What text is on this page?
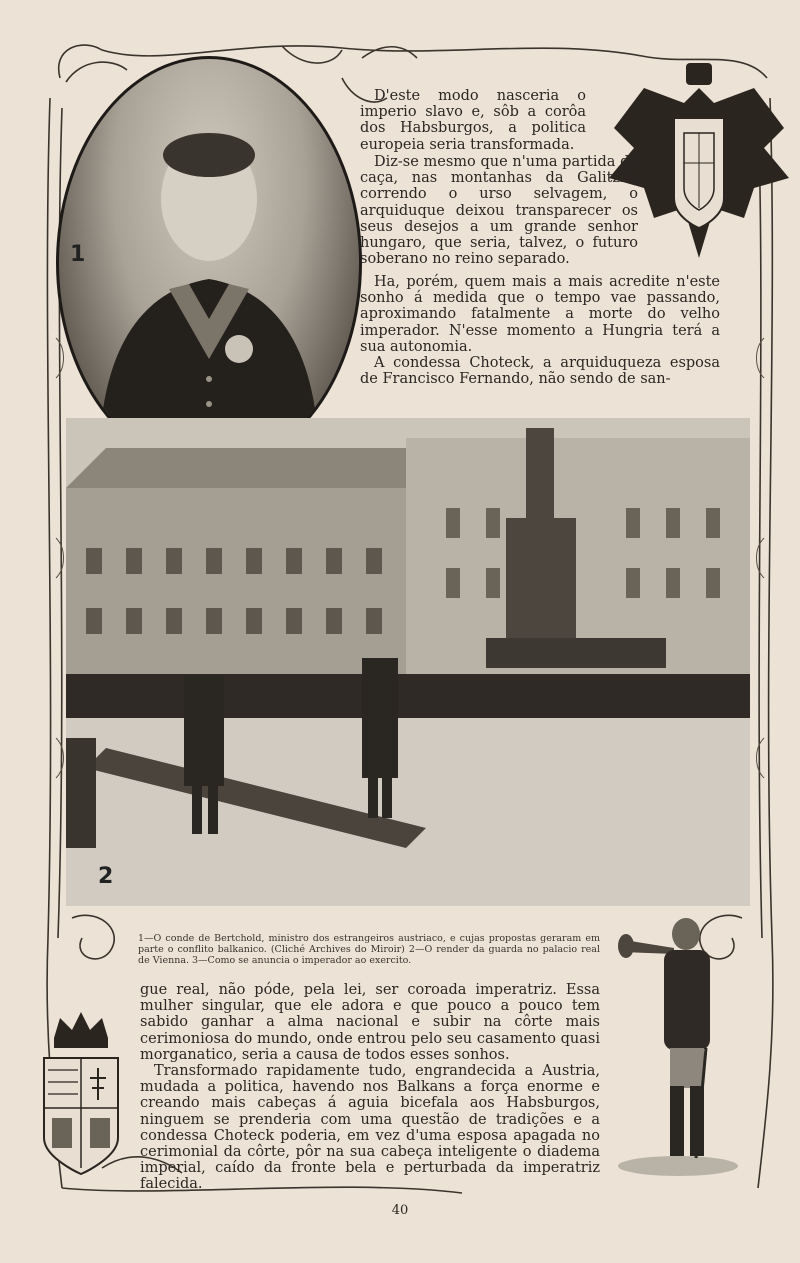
1

D'este modo nasceria o imperio slavo e, sôb a corôa dos Habsburgos, a politica europeia seria transformada.

Diz-se mesmo que n'uma partida de caça, nas montanhas da Galitzia, correndo o urso selvagem, o arquiduque deixou transparecer os seus desejos a um grande senhor hungaro, que seria, talvez, o futuro soberano no reino separado.

Ha, porém, quem mais a mais acredite n'este sonho á medida que o tempo vae passando, aproximando fatalmente a morte do velho imperador. N'esse momento a Hungria terá a sua autonomia.

A condessa Choteck, a arquiduqueza esposa de Francisco Fernando, não sendo de san-

2
1—O conde de Bertchold, ministro dos estrangeiros austriaco, e cujas propostas geraram em parte o conflito balkanico. (Cliché Archives do Miroir) 2—O render da guarda no palacio real de Vienna. 3—Como se anuncia o imperador ao exercito.

gue real, não póde, pela lei, ser coroada imperatriz. Essa mulher singular, que ele adora e que pouco a pouco tem sabido ganhar a alma nacional e subir na côrte mais cerimoniosa do mundo, onde entrou pelo seu casamento quasi morganatico, seria a causa de todos esses sonhos.

Transformado rapidamente tudo, engrandecida a Austria, mudada a politica, havendo nos Balkans a força enorme e creando mais cabeças á aguia bicefala aos Habsburgos, ninguem se prenderia com uma questão de tradições e a condessa Choteck poderia, em vez d'uma esposa apagada no cerimonial da côrte, pôr na sua cabeça inteligente o diadema imperial, caído da fronte bela e perturbada da imperatriz falecida.

40
